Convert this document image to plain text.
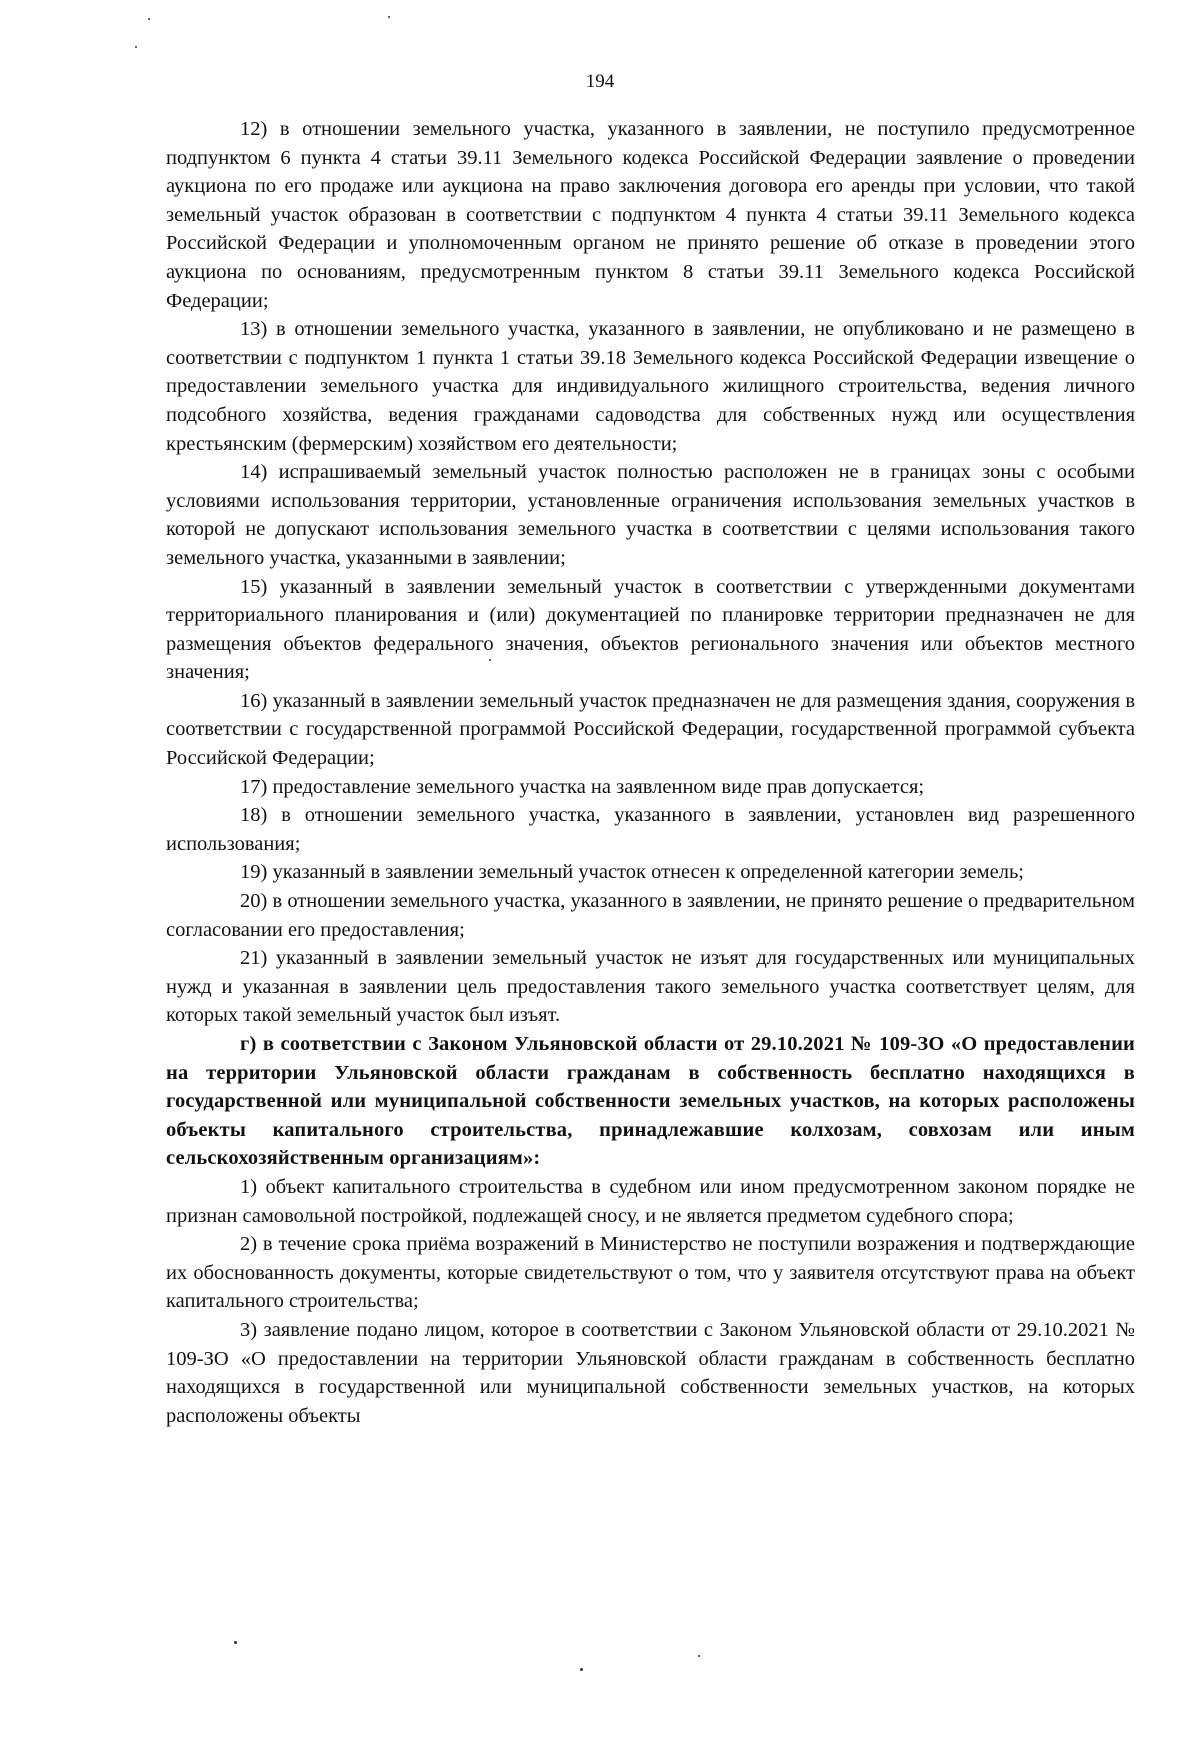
194

12) в отношении земельного участка, указанного в заявлении, не поступило предусмотренное подпунктом 6 пункта 4 статьи 39.11 Земельного кодекса Российской Федерации заявление о проведении аукциона по его продаже или аукциона на право заключения договора его аренды при условии, что такой земельный участок образован в соответствии с подпунктом 4 пункта 4 статьи 39.11 Земельного кодекса Российской Федерации и уполномоченным органом не принято решение об отказе в проведении этого аукциона по основаниям, предусмотренным пунктом 8 статьи 39.11 Земельного кодекса Российской Федерации;

13) в отношении земельного участка, указанного в заявлении, не опубликовано и не размещено в соответствии с подпунктом 1 пункта 1 статьи 39.18 Земельного кодекса Российской Федерации извещение о предоставлении земельного участка для индивидуального жилищного строительства, ведения личного подсобного хозяйства, ведения гражданами садоводства для собственных нужд или осуществления крестьянским (фермерским) хозяйством его деятельности;

14) испрашиваемый земельный участок полностью расположен не в границах зоны с особыми условиями использования территории, установленные ограничения использования земельных участков в которой не допускают использования земельного участка в соответствии с целями использования такого земельного участка, указанными в заявлении;

15) указанный в заявлении земельный участок в соответствии с утвержденными документами территориального планирования и (или) документацией по планировке территории предназначен не для размещения объектов федерального значения, объектов регионального значения или объектов местного значения;

16) указанный в заявлении земельный участок предназначен не для размещения здания, сооружения в соответствии с государственной программой Российской Федерации, государственной программой субъекта Российской Федерации;

17) предоставление земельного участка на заявленном виде прав допускается;

18) в отношении земельного участка, указанного в заявлении, установлен вид разрешенного использования;

19) указанный в заявлении земельный участок отнесен к определенной категории земель;

20) в отношении земельного участка, указанного в заявлении, не принято решение о предварительном согласовании его предоставления;

21) указанный в заявлении земельный участок не изъят для государственных или муниципальных нужд и указанная в заявлении цель предоставления такого земельного участка соответствует целям, для которых такой земельный участок был изъят.

г) в соответствии с Законом Ульяновской области от 29.10.2021 № 109-ЗО «О предоставлении на территории Ульяновской области гражданам в собственность бесплатно находящихся в государственной или муниципальной собственности земельных участков, на которых расположены объекты капитального строительства, принадлежавшие колхозам, совхозам или иным сельскохозяйственным организациям»:

1) объект капитального строительства в судебном или ином предусмотренном законом порядке не признан самовольной постройкой, подлежащей сносу, и не является предметом судебного спора;

2) в течение срока приёма возражений в Министерство не поступили возражения и подтверждающие их обоснованность документы, которые свидетельствуют о том, что у заявителя отсутствуют права на объект капитального строительства;

3) заявление подано лицом, которое в соответствии с Законом Ульяновской области от 29.10.2021 № 109-ЗО «О предоставлении на территории Ульяновской области гражданам в собственность бесплатно находящихся в государственной или муниципальной собственности земельных участков, на которых расположены объекты
